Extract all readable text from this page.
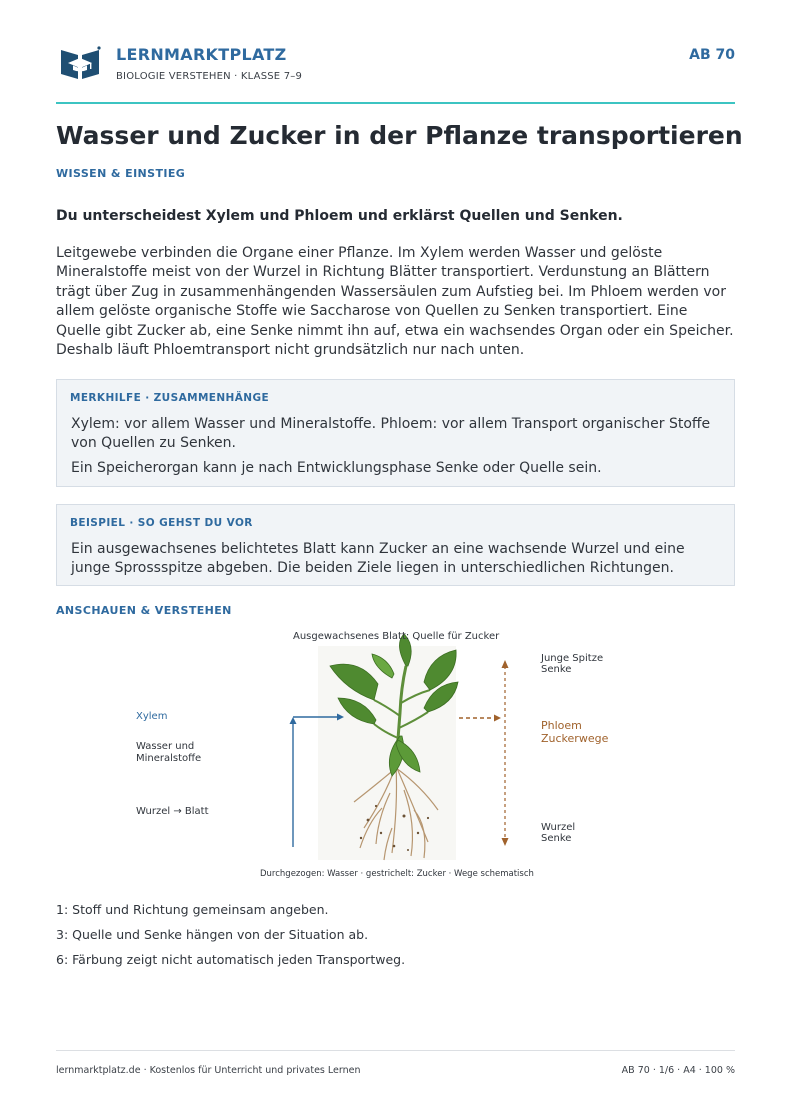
LERNMARKTPLATZ
BIOLOGIE VERSTEHEN · KLASSE 7–9
AB 70
Wasser und Zucker in der Pflanze transportieren
WISSEN & EINSTIEG
Du unterscheidest Xylem und Phloem und erklärst Quellen und Senken.
Leitgewebe verbinden die Organe einer Pflanze. Im Xylem werden Wasser und gelöste Mineralstoffe meist von der Wurzel in Richtung Blätter transportiert. Verdunstung an Blättern trägt über Zug in zusammenhängenden Wassersäulen zum Aufstieg bei. Im Phloem werden vor allem gelöste organische Stoffe wie Saccharose von Quellen zu Senken transportiert. Eine Quelle gibt Zucker ab, eine Senke nimmt ihn auf, etwa ein wachsendes Organ oder ein Speicher. Deshalb läuft Phloemtransport nicht grundsätzlich nur nach unten.
MERKHILFE · ZUSAMMENHÄNGE
Xylem: vor allem Wasser und Mineralstoffe. Phloem: vor allem Transport organischer Stoffe von Quellen zu Senken.
Ein Speicherorgan kann je nach Entwicklungsphase Senke oder Quelle sein.
BEISPIEL · SO GEHST DU VOR
Ein ausgewachsenes belichtetes Blatt kann Zucker an eine wachsende Wurzel und eine junge Sprossspitze abgeben. Die beiden Ziele liegen in unterschiedlichen Richtungen.
ANSCHAUEN & VERSTEHEN
Ausgewachsenes Blatt: Quelle für Zucker
Xylem
Wasser und
Mineralstoffe
Wurzel → Blatt
Junge Spitze
Senke
Phloem
Zuckerwege
Wurzel
Senke
Durchgezogen: Wasser · gestrichelt: Zucker · Wege schematisch
1: Stoff und Richtung gemeinsam angeben.
3: Quelle und Senke hängen von der Situation ab.
6: Färbung zeigt nicht automatisch jeden Transportweg.
lernmarktplatz.de · Kostenlos für Unterricht und privates Lernen	AB 70 · 1/6 · A4 · 100 %
